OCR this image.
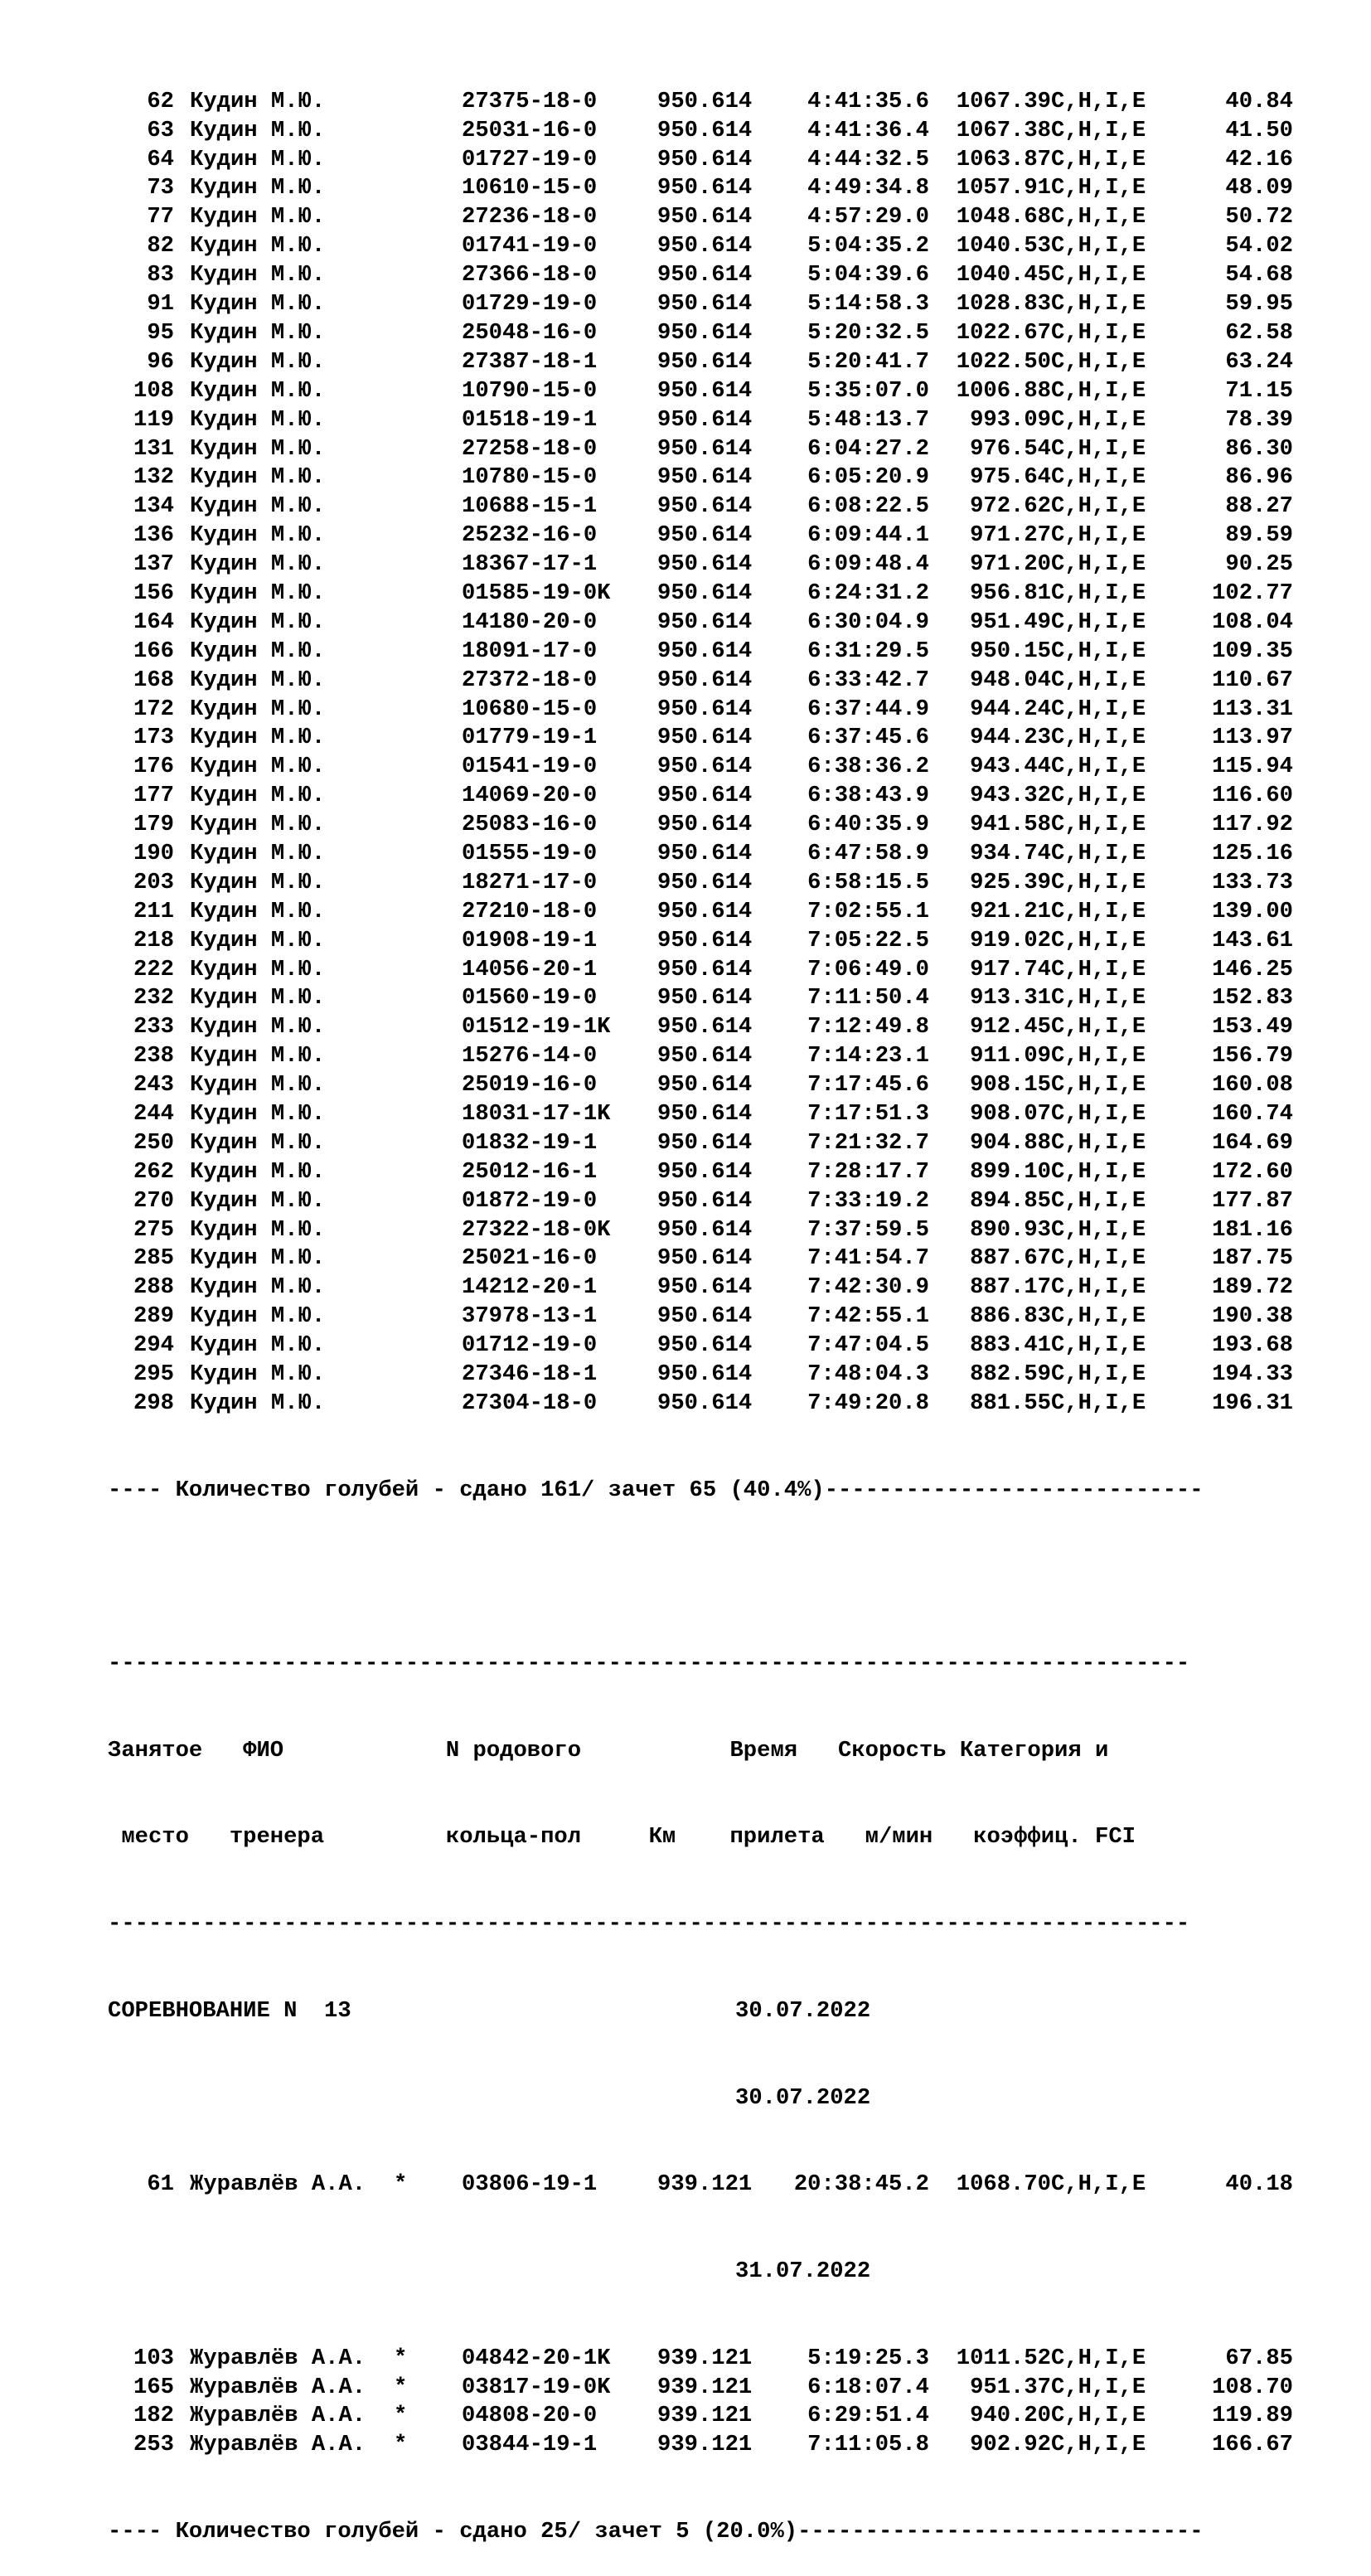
62 Кудин М.Ю.	27375-18-0	950.614 4:41:35.6 1067.39C,H,I,E	40.84
63 Кудин М.Ю.	25031-16-0	950.614 4:41:36.4 1067.38C,H,I,E	41.50
64 Кудин М.Ю.	01727-19-0	950.614 4:44:32.5 1063.87C,H,I,E	42.16
73 Кудин М.Ю.	10610-15-0	950.614 4:49:34.8 1057.91C,H,I,E	48.09
77 Кудин М.Ю.	27236-18-0	950.614 4:57:29.0 1048.68C,H,I,E	50.72
82 Кудин М.Ю.	01741-19-0	950.614 5:04:35.2 1040.53C,H,I,E	54.02
83 Кудин М.Ю.	27366-18-0	950.614 5:04:39.6 1040.45C,H,I,E	54.68
91 Кудин М.Ю.	01729-19-0	950.614 5:14:58.3 1028.83C,H,I,E	59.95
95 Кудин М.Ю.	25048-16-0	950.614 5:20:32.5 1022.67C,H,I,E	62.58
96 Кудин М.Ю.	27387-18-1	950.614 5:20:41.7 1022.50C,H,I,E	63.24
108 Кудин М.Ю.	10790-15-0	950.614 5:35:07.0 1006.88C,H,I,E	71.15
119 Кудин М.Ю.	01518-19-1	950.614 5:48:13.7 993.09C,H,I,E	78.39
131 Кудин М.Ю.	27258-18-0	950.614 6:04:27.2 976.54C,H,I,E	86.30
132 Кудин М.Ю.	10780-15-0	950.614 6:05:20.9 975.64C,H,I,E	86.96
134 Кудин М.Ю.	10688-15-1	950.614 6:08:22.5 972.62C,H,I,E	88.27
136 Кудин М.Ю.	25232-16-0	950.614 6:09:44.1 971.27C,H,I,E	89.59
137 Кудин М.Ю.	18367-17-1	950.614 6:09:48.4 971.20C,H,I,E	90.25
156 Кудин М.Ю.	01585-19-0K 950.614 6:24:31.2 956.81C,H,I,E	102.77
164 Кудин М.Ю.	14180-20-0	950.614 6:30:04.9 951.49C,H,I,E	108.04
166 Кудин М.Ю.	18091-17-0	950.614 6:31:29.5 950.15C,H,I,E	109.35
168 Кудин М.Ю.	27372-18-0	950.614 6:33:42.7 948.04C,H,I,E	110.67
172 Кудин М.Ю.	10680-15-0	950.614 6:37:44.9 944.24C,H,I,E	113.31
173 Кудин М.Ю.	01779-19-1	950.614 6:37:45.6 944.23C,H,I,E	113.97
176 Кудин М.Ю.	01541-19-0	950.614 6:38:36.2 943.44C,H,I,E	115.94
177 Кудин М.Ю.	14069-20-0	950.614 6:38:43.9 943.32C,H,I,E	116.60
179 Кудин М.Ю.	25083-16-0	950.614 6:40:35.9 941.58C,H,I,E	117.92
190 Кудин М.Ю.	01555-19-0	950.614 6:47:58.9 934.74C,H,I,E	125.16
203 Кудин М.Ю.	18271-17-0	950.614 6:58:15.5 925.39C,H,I,E	133.73
211 Кудин М.Ю.	27210-18-0	950.614 7:02:55.1 921.21C,H,I,E	139.00
218 Кудин М.Ю.	01908-19-1	950.614 7:05:22.5 919.02C,H,I,E	143.61
222 Кудин М.Ю.	14056-20-1	950.614 7:06:49.0 917.74C,H,I,E	146.25
232 Кудин М.Ю.	01560-19-0	950.614 7:11:50.4 913.31C,H,I,E	152.83
233 Кудин М.Ю.	01512-19-1K 950.614 7:12:49.8 912.45C,H,I,E	153.49
238 Кудин М.Ю.	15276-14-0	950.614 7:14:23.1 911.09C,H,I,E	156.79
243 Кудин М.Ю.	25019-16-0	950.614 7:17:45.6 908.15C,H,I,E	160.08
244 Кудин М.Ю.	18031-17-1K 950.614 7:17:51.3 908.07C,H,I,E	160.74
250 Кудин М.Ю.	01832-19-1	950.614 7:21:32.7 904.88C,H,I,E	164.69
262 Кудин М.Ю.	25012-16-1	950.614 7:28:17.7 899.10C,H,I,E	172.60
270 Кудин М.Ю.	01872-19-0	950.614 7:33:19.2 894.85C,H,I,E	177.87
275 Кудин М.Ю.	27322-18-0K 950.614 7:37:59.5 890.93C,H,I,E	181.16
285 Кудин М.Ю.	25021-16-0	950.614 7:41:54.7 887.67C,H,I,E	187.75
288 Кудин М.Ю.	14212-20-1	950.614 7:42:30.9 887.17C,H,I,E	189.72
289 Кудин М.Ю.	37978-13-1	950.614 7:42:55.1 886.83C,H,I,E	190.38
294 Кудин М.Ю.	01712-19-0	950.614 7:47:04.5 883.41C,H,I,E	193.68
295 Кудин М.Ю.	27346-18-1	950.614 7:48:04.3 882.59C,H,I,E	194.33
298 Кудин М.Ю.	27304-18-0	950.614 7:49:20.8 881.55C,H,I,E	196.31

---- Количество голубей - сдано 161/ зачет 65 (40.4%)----------------------------

--------------------------------------------------------------------------------

Занятое   ФИО            N родового           Время   Скорость Категория и

место   тренера         кольца-пол     Км    прилета   м/мин   коэффиц. FCI

--------------------------------------------------------------------------------

СОРЕВНОВАНИЕ N  13	30.07.2022

30.07.2022

61 Журавлёв А.А. * 03806-19-1	939.121 20:38:45.2 1068.70C,H,I,E	40.18

31.07.2022

103 Журавлёв А.А. * 04842-20-1K 939.121 5:19:25.3 1011.52C,H,I,E	67.85
165 Журавлёв А.А. * 03817-19-0K 939.121 6:18:07.4 951.37C,H,I,E	108.70
182 Журавлёв А.А. * 04808-20-0	939.121 6:29:51.4 940.20C,H,I,E	119.89
253 Журавлёв А.А. * 03844-19-1	939.121 7:11:05.8 902.92C,H,I,E	166.67

---- Количество голубей - сдано 25/ зачет 5 (20.0%)------------------------------
